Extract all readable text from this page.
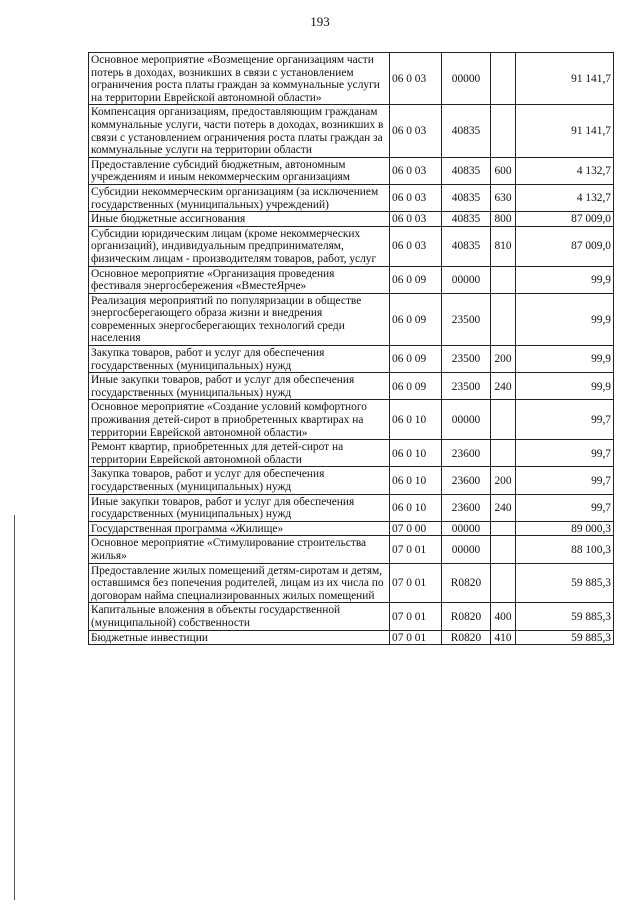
193
Основное мероприятие «Возмещение организациям части потерь в доходах, возникших в связи с установлением ограничения роста платы граждан за коммунальные услуги на территории Еврейской автономной области»	06 0 03	00000		91 141,7
Компенсация организациям, предоставляющим гражданам коммунальные услуги, части потерь в доходах, возникших в связи с установлением ограничения роста платы граждан за коммунальные услуги на территории области	06 0 03	40835		91 141,7
Предоставление субсидий бюджетным, автономным учреждениям и иным некоммерческим организациям	06 0 03	40835	600	4 132,7
Субсидии некоммерческим организациям (за исключением государственных (муниципальных) учреждений)	06 0 03	40835	630	4 132,7
Иные бюджетные ассигнования	06 0 03	40835	800	87 009,0
Субсидии юридическим лицам (кроме некоммерческих организаций), индивидуальным предпринимателям, физическим лицам - производителям товаров, работ, услуг	06 0 03	40835	810	87 009,0
Основное мероприятие «Организация проведения фестиваля энергосбережения «ВместеЯрче»	06 0 09	00000		99,9
Реализация мероприятий по популяризации в обществе энергосберегающего образа жизни и внедрения современных энергосберегающих технологий среди населения	06 0 09	23500		99,9
Закупка товаров, работ и услуг для обеспечения государственных (муниципальных) нужд	06 0 09	23500	200	99,9
Иные закупки товаров, работ и услуг для обеспечения государственных (муниципальных) нужд	06 0 09	23500	240	99,9
Основное мероприятие «Создание условий комфортного проживания детей-сирот в приобретенных квартирах на территории Еврейской автономной области»	06 0 10	00000		99,7
Ремонт квартир, приобретенных для детей-сирот на территории Еврейской автономной области	06 0 10	23600		99,7
Закупка товаров, работ и услуг для обеспечения государственных (муниципальных) нужд	06 0 10	23600	200	99,7
Иные закупки товаров, работ и услуг для обеспечения государственных (муниципальных) нужд	06 0 10	23600	240	99,7
Государственная программа «Жилище»	07 0 00	00000		89 000,3
Основное мероприятие «Стимулирование строительства жилья»	07 0 01	00000		88 100,3
Предоставление жилых помещений детям-сиротам и детям, оставшимся без попечения родителей, лицам из их числа по договорам найма специализированных жилых помещений	07 0 01	R0820		59 885,3
Капитальные вложения в объекты государственной (муниципальной) собственности	07 0 01	R0820	400	59 885,3
Бюджетные инвестиции	07 0 01	R0820	410	59 885,3
